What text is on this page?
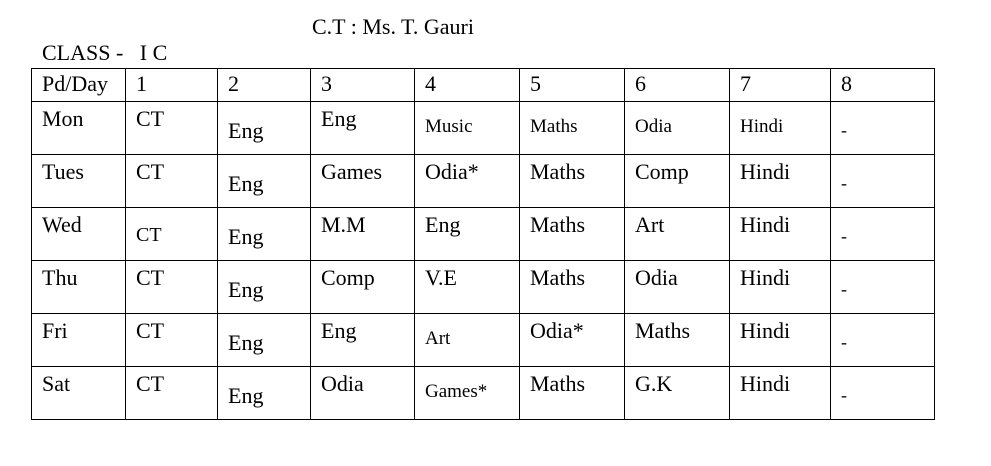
CLASS -   I C

C.T : Ms. T. Gauri

Pd/Day	1	2	3	4	5	6	7	8

Mon	CT	Eng	Eng	Music	Maths	Odia	Hindi	-

Tues	CT	Eng	Games	Odia*	Maths	Comp	Hindi	-

Wed	CT	Eng	M.M	Eng	Maths	Art	Hindi	-

Thu	CT	Eng	Comp	V.E	Maths	Odia	Hindi	-

Fri	CT	Eng	Eng	Art	Odia*	Maths	Hindi	-

Sat	CT	Eng	Odia	Games*	Maths	G.K	Hindi	-
